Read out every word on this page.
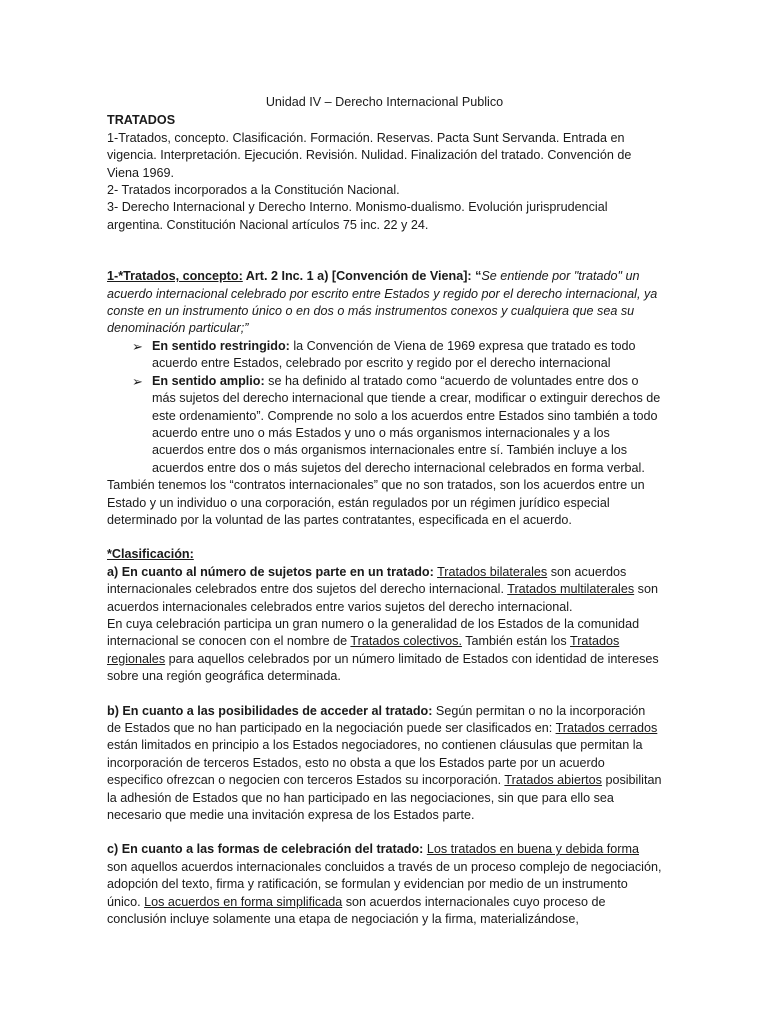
Unidad IV – Derecho Internacional Publico

TRATADOS

1-Tratados, concepto. Clasificación. Formación. Reservas. Pacta Sunt Servanda. Entrada en vigencia. Interpretación. Ejecución. Revisión. Nulidad. Finalización del tratado. Convención de Viena 1969.

2- Tratados incorporados a la Constitución Nacional.

3- Derecho Internacional y Derecho Interno. Monismo-dualismo. Evolución jurisprudencial argentina. Constitución Nacional artículos 75 inc. 22 y 24.

1-*Tratados, concepto: Art. 2 Inc. 1 a) [Convención de Viena]: “Se entiende por "tratado" un acuerdo internacional celebrado por escrito entre Estados y regido por el derecho internacional, ya conste en un instrumento único o en dos o más instrumentos conexos y cualquiera que sea su denominación particular;”

➢ En sentido restringido: la Convención de Viena de 1969 expresa que tratado es todo acuerdo entre Estados, celebrado por escrito y regido por el derecho internacional
➢ En sentido amplio: se ha definido al tratado como “acuerdo de voluntades entre dos o más sujetos del derecho internacional que tiende a crear, modificar o extinguir derechos de este ordenamiento”. Comprende no solo a los acuerdos entre Estados sino también a todo acuerdo entre uno o más Estados y uno o más organismos internacionales y a los acuerdos entre dos o más organismos internacionales entre sí. También incluye a los acuerdos entre dos o más sujetos del derecho internacional celebrados en forma verbal.

También tenemos los “contratos internacionales” que no son tratados, son los acuerdos entre un Estado y un individuo o una corporación, están regulados por un régimen jurídico especial determinado por la voluntad de las partes contratantes, especificada en el acuerdo.

*Clasificación:

a) En cuanto al número de sujetos parte en un tratado: Tratados bilaterales son acuerdos internacionales celebrados entre dos sujetos del derecho internacional. Tratados multilaterales son acuerdos internacionales celebrados entre varios sujetos del derecho internacional.

En cuya celebración participa un gran numero o la generalidad de los Estados de la comunidad internacional se conocen con el nombre de Tratados colectivos. También están los Tratados regionales para aquellos celebrados por un número limitado de Estados con identidad de intereses sobre una región geográfica determinada.

b) En cuanto a las posibilidades de acceder al tratado: Según permitan o no la incorporación de Estados que no han participado en la negociación puede ser clasificados en: Tratados cerrados están limitados en principio a los Estados negociadores, no contienen cláusulas que permitan la incorporación de terceros Estados, esto no obsta a que los Estados parte por un acuerdo especifico ofrezcan o negocien con terceros Estados su incorporación. Tratados abiertos posibilitan la adhesión de Estados que no han participado en las negociaciones, sin que para ello sea necesario que medie una invitación expresa de los Estados parte.

c) En cuanto a las formas de celebración del tratado: Los tratados en buena y debida forma son aquellos acuerdos internacionales concluidos a través de un proceso complejo de negociación, adopción del texto, firma y ratificación, se formulan y evidencian por medio de un instrumento único. Los acuerdos en forma simplificada son acuerdos internacionales cuyo proceso de conclusión incluye solamente una etapa de negociación y la firma, materializándose,
